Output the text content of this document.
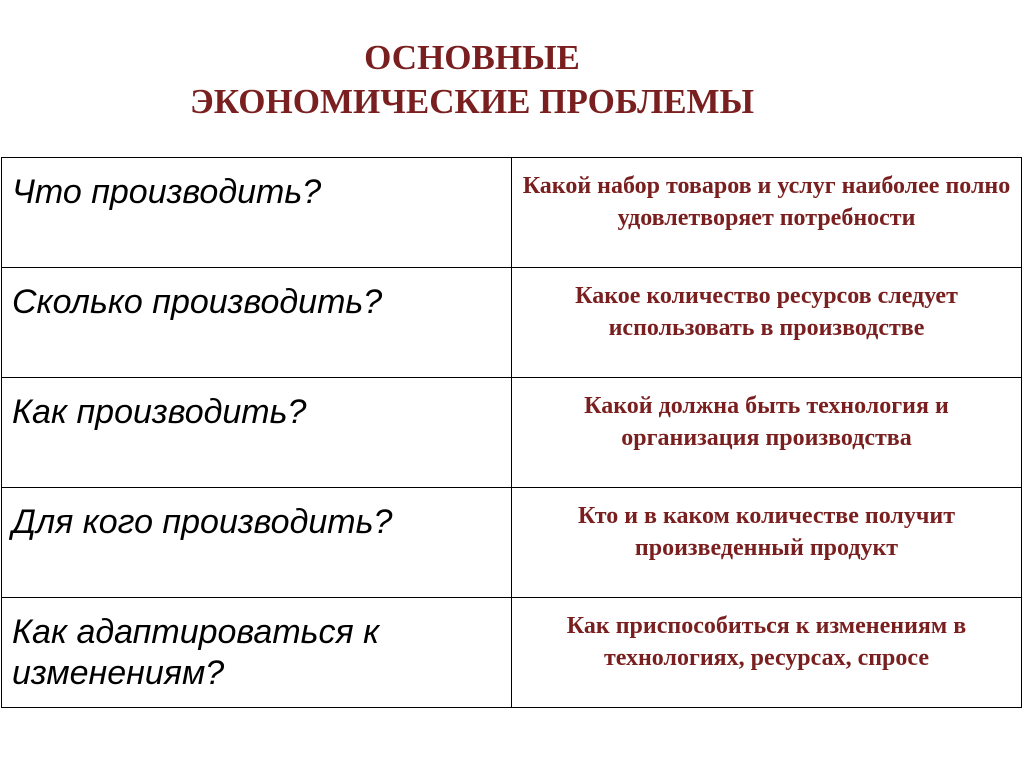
ОСНОВНЫЕ
ЭКОНОМИЧЕСКИЕ ПРОБЛЕМЫ
Что производить?	Какой набор товаров и услуг наиболее полно удовлетворяет потребности
Сколько производить?	Какое количество ресурсов следует использовать в производстве
Как производить?	Какой должна быть технология и организация производства
Для кого производить?	Кто и в каком количестве получит произведенный продукт
Как адаптироваться к изменениям?	Как приспособиться к изменениям в технологиях, ресурсах, спросе
